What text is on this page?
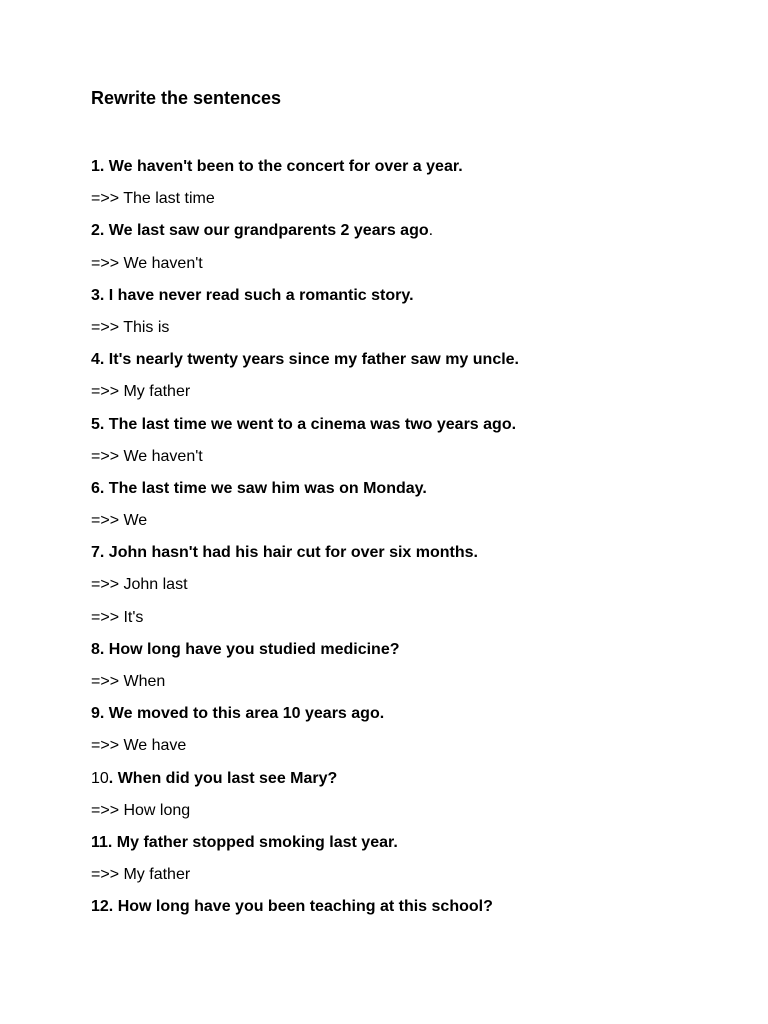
Rewrite the sentences
1. We haven't been to the concert for over a year.
=>> The last time
2. We last saw our grandparents 2 years ago.
=>> We haven't
3. I have never read such a romantic story.
=>> This is
4. It's nearly twenty years since my father saw my uncle.
=>> My father
5. The last time we went to a cinema was two years ago.
=>> We haven't
6. The last time we saw him was on Monday.
=>> We
7. John hasn't had his hair cut for over six months.
=>> John last
=>> It's
8. How long have you studied medicine?
=>> When
9. We moved to this area 10 years ago.
=>> We have
10. When did you last see Mary?
=>> How long
11. My father stopped smoking last year.
=>> My father
12. How long have you been teaching at this school?
